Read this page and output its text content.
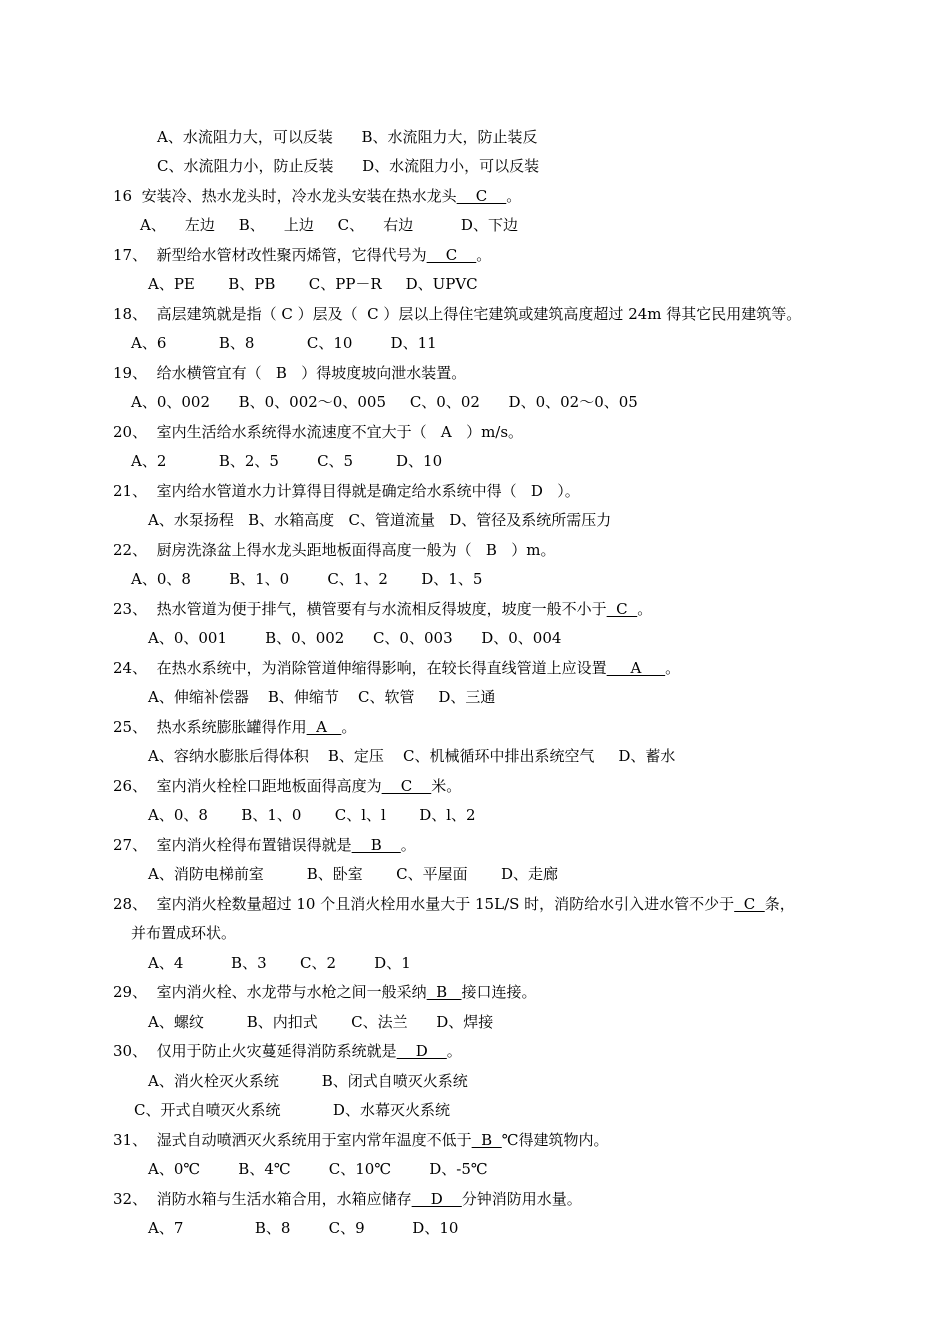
A、水流阻力大，可以反装      B、水流阻力大，防止装反
C、水流阻力小，防止反装      D、水流阻力小，可以反装
16  安装冷、热水龙头时，冷水龙头安装在热水龙头    C    。
A、    左边     B、    上边     C、    右边          D、下边
17、  新型给水管材改性聚丙烯管，它得代号为    C    。
A、PE       B、PB       C、PP－R     D、UPVC
18、  高层建筑就是指（ C ）层及（  C ）层以上得住宅建筑或建筑高度超过 24m 得其它民用建筑等。
A、6           B、8           C、10        D、11
19、  给水横管宜有（   B   ）得坡度坡向泄水装置。
A、0、002      B、0、002～0、005     C、0、02      D、0、02～0、05
20、  室内生活给水系统得水流速度不宜大于（   A   ）m/s。
A、2           B、2、5        C、5         D、10
21、  室内给水管道水力计算得目得就是确定给水系统中得（   D   ）。
A、水泵扬程   B、水箱高度   C、管道流量   D、管径及系统所需压力
22、  厨房洗涤盆上得水龙头距地板面得高度一般为（   B   ）m。
A、0、8        B、1、0        C、1、2       D、1、5
23、  热水管道为便于排气，横管要有与水流相反得坡度，坡度一般不小于  C  。
A、0、001        B、0、002      C、0、003      D、0、004
24、  在热水系统中，为消除管道伸缩得影响，在较长得直线管道上应设置     A     。
A、伸缩补偿器    B、伸缩节    C、软管     D、三通
25、  热水系统膨胀罐得作用  A   。
A、容纳水膨胀后得体积    B、定压    C、机械循环中排出系统空气     D、蓄水
26、  室内消火栓栓口距地板面得高度为    C    米。
A、0、8       B、1、0       C、l、l       D、l、2
27、  室内消火栓得布置错误得就是    B    。
A、消防电梯前室         B、卧室       C、平屋面       D、走廊
28、  室内消火栓数量超过 10 个且消火栓用水量大于 15L/S 时，消防给水引入进水管不少于  C  条，
并布置成环状。
A、4          B、3       C、2        D、1
29、  室内消火栓、水龙带与水枪之间一般采纳  B   接口连接。
A、螺纹         B、内扣式       C、法兰      D、焊接
30、  仅用于防止火灾蔓延得消防系统就是    D    。
A、消火栓灭火系统         B、闭式自喷灭火系统
C、开式自喷灭火系统           D、水幕灭火系统
31、  湿式自动喷洒灭火系统用于室内常年温度不低于  B  ℃得建筑物内。
A、0℃        B、4℃        C、10℃        D、-5℃
32、  消防水箱与生活水箱合用，水箱应储存    D    分钟消防用水量。
A、7               B、8        C、9          D、10
